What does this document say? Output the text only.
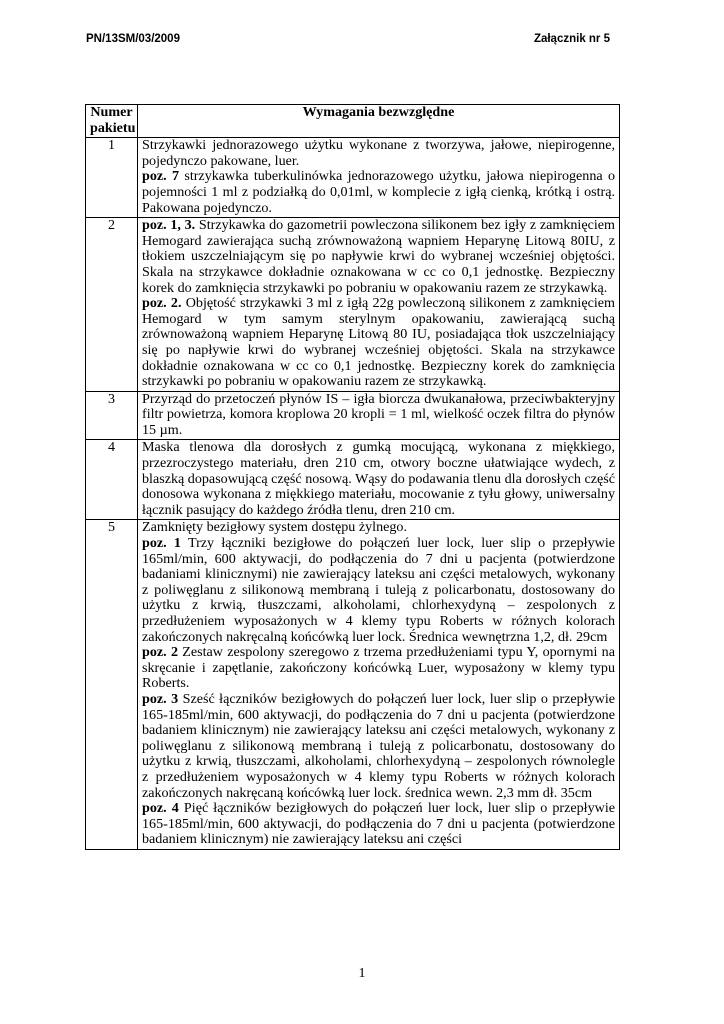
PN/13SM/03/2009	Załącznik nr 5
Numer pakietu	Wymagania bezwzględne
1	Strzykawki jednorazowego użytku wykonane z tworzywa, jałowe, niepirogenne, pojedynczo pakowane, luer.

poz. 7 strzykawka tuberkulinówka jednorazowego użytku, jałowa niepirogenna o pojemności 1 ml z podziałką do 0,01ml, w komplecie z igłą cienką, krótką i ostrą. Pakowana pojedynczo.

2	poz. 1, 3. Strzykawka do gazometrii powleczona silikonem bez igły z zamknięciem Hemogard zawierająca suchą zrównoważoną wapniem Heparynę Litową 80IU, z tłokiem uszczelniającym się po napływie krwi do wybranej wcześniej objętości. Skala na strzykawce dokładnie oznakowana w cc co 0,1 jednostkę. Bezpieczny korek do zamknięcia strzykawki po pobraniu w opakowaniu razem ze strzykawką.

poz. 2. Objętość strzykawki 3 ml z igłą 22g powleczoną silikonem z zamknięciem Hemogard w tym samym sterylnym opakowaniu, zawierającą suchą zrównoważoną wapniem Heparynę Litową 80 IU, posiadająca tłok uszczelniający się po napływie krwi do wybranej wcześniej objętości. Skala na strzykawce dokładnie oznakowana w cc co 0,1 jednostkę. Bezpieczny korek do zamknięcia strzykawki po pobraniu w opakowaniu razem ze strzykawką.

3	Przyrząd do przetoczeń płynów IS – igła biorcza dwukanałowa, przeciwbakteryjny filtr powietrza, komora kroplowa 20 kropli = 1 ml, wielkość oczek filtra do płynów 15 µm.

4	Maska tlenowa dla dorosłych z gumką mocującą, wykonana z miękkiego, przezroczystego materiału, dren 210 cm, otwory boczne ułatwiające wydech, z blaszką dopasowującą część nosową. Wąsy do podawania tlenu dla dorosłych część donosowa wykonana z miękkiego materiału, mocowanie z tyłu głowy, uniwersalny łącznik pasujący do każdego źródła tlenu, dren 210 cm.

5	Zamknięty bezigłowy system dostępu żylnego.

poz. 1 Trzy łączniki bezigłowe do połączeń luer lock, luer slip o przepływie 165ml/min, 600 aktywacji, do podłączenia do 7 dni u pacjenta (potwierdzone badaniami klinicznymi) nie zawierający lateksu ani części metalowych, wykonany z poliwęglanu z silikonową membraną i tuleją z policarbonatu, dostosowany do użytku z krwią, tłuszczami, alkoholami, chlorhexydyną – zespolonych z przedłużeniem wyposażonych w 4 klemy typu Roberts w różnych kolorach zakończonych nakręcalną końcówką luer lock. Średnica wewnętrzna 1,2, dł. 29cm

poz. 2 Zestaw zespolony szeregowo z trzema przedłużeniami typu Y, opornymi na skręcanie i zapętlanie, zakończony końcówką Luer, wyposażony w klemy typu Roberts.

poz. 3 Sześć łączników bezigłowych do połączeń luer lock, luer slip o przepływie 165-185ml/min, 600 aktywacji, do podłączenia do 7 dni u pacjenta (potwierdzone badaniem klinicznym) nie zawierający lateksu ani części metalowych, wykonany z poliwęglanu z silikonową membraną i tuleją z policarbonatu, dostosowany do użytku z krwią, tłuszczami, alkoholami, chlorhexydyną – zespolonych równolegle z przedłużeniem wyposażonych w 4 klemy typu Roberts w różnych kolorach zakończonych nakręcaną końcówką luer lock. średnica wewn. 2,3 mm dł. 35cm

poz. 4 Pięć łączników bezigłowych do połączeń luer lock, luer slip o przepływie 165-185ml/min, 600 aktywacji, do podłączenia do 7 dni u pacjenta (potwierdzone badaniem klinicznym) nie zawierający lateksu ani części

1
